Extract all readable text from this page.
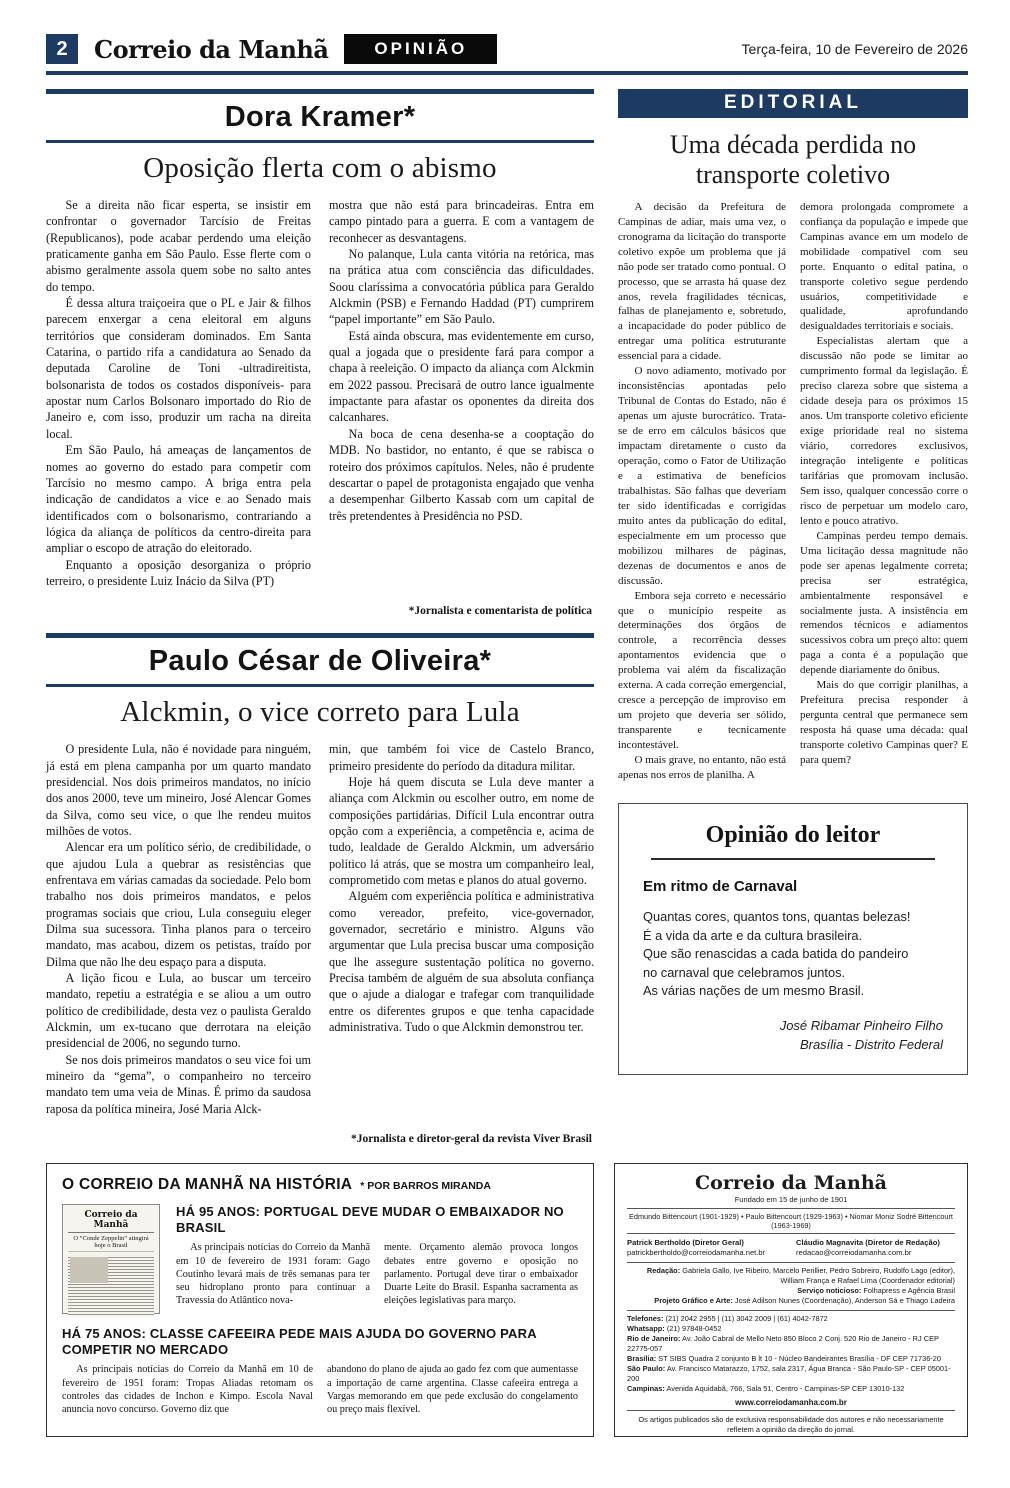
2	Correio da Manhã	OPINIÃO	Terça-feira, 10 de Fevereiro de 2026
Dora Kramer*
Oposição flerta com o abismo

Se a direita não ficar esperta, se insistir em confrontar o governador Tarcísio de Freitas (Republicanos), pode acabar perdendo uma eleição praticamente ganha em São Paulo. Esse flerte com o abismo geralmente assola quem sobe no salto antes do tempo.

É dessa altura traiçoeira que o PL e Jair & filhos parecem enxergar a cena eleitoral em alguns territórios que consideram dominados. Em Santa Catarina, o partido rifa a candidatura ao Senado da deputada Caroline de Toni -ultradireitista, bolsonarista de todos os costados disponíveis- para apostar num Carlos Bolsonaro importado do Rio de Janeiro e, com isso, produzir um racha na direita local.

Em São Paulo, há ameaças de lançamentos de nomes ao governo do estado para competir com Tarcísio no mesmo campo. A briga entra pela indicação de candidatos a vice e ao Senado mais identificados com o bolsonarismo, contrariando a lógica da aliança de políticos da centro-direita para ampliar o escopo de atração do eleitorado.

Enquanto a oposição desorganiza o próprio terreiro, o presidente Luiz Inácio da Silva (PT)

mostra que não está para brincadeiras. Entra em campo pintado para a guerra. E com a vantagem de reconhecer as desvantagens.

No palanque, Lula canta vitória na retórica, mas na prática atua com consciência das dificuldades. Soou claríssima a convocatória pública para Geraldo Alckmin (PSB) e Fernando Haddad (PT) cumprirem “papel importante” em São Paulo.

Está ainda obscura, mas evidentemente em curso, qual a jogada que o presidente fará para compor a chapa à reeleição. O impacto da aliança com Alckmin em 2022 passou. Precisará de outro lance igualmente impactante para afastar os oponentes da direita dos calcanhares.

Na boca de cena desenha-se a cooptação do MDB. No bastidor, no entanto, é que se rabisca o roteiro dos próximos capítulos. Neles, não é prudente descartar o papel de protagonista engajado que venha a desempenhar Gilberto Kassab com um capital de três pretendentes à Presidência no PSD.

*Jornalista e comentarista de política
Paulo César de Oliveira*
Alckmin, o vice correto para Lula

O presidente Lula, não é novidade para ninguém, já está em plena campanha por um quarto mandato presidencial. Nos dois primeiros mandatos, no início dos anos 2000, teve um mineiro, José Alencar Gomes da Silva, como seu vice, o que lhe rendeu muitos milhões de votos.

Alencar era um político sério, de credibilidade, o que ajudou Lula a quebrar as resistências que enfrentava em várias camadas da sociedade. Pelo bom trabalho nos dois primeiros mandatos, e pelos programas sociais que criou, Lula conseguiu eleger Dilma sua sucessora. Tinha planos para o terceiro mandato, mas acabou, dizem os petistas, traído por Dilma que não lhe deu espaço para a disputa.

A lição ficou e Lula, ao buscar um terceiro mandato, repetiu a estratégia e se aliou a um outro político de credibilidade, desta vez o paulista Geraldo Alckmin, um ex-tucano que derrotara na eleição presidencial de 2006, no segundo turno.

Se nos dois primeiros mandatos o seu vice foi um mineiro da “gema”, o companheiro no terceiro mandato tem uma veia de Minas. É primo da saudosa raposa da política mineira, José Maria Alck-

min, que também foi vice de Castelo Branco, primeiro presidente do período da ditadura militar.

Hoje há quem discuta se Lula deve manter a aliança com Alckmin ou escolher outro, em nome de composições partidárias. Difícil Lula encontrar outra opção com a experiência, a competência e, acima de tudo, lealdade de Geraldo Alckmin, um adversário político lá atrás, que se mostra um companheiro leal, comprometido com metas e planos do atual governo.

Alguém com experiência política e administrativa como vereador, prefeito, vice-governador, governador, secretário e ministro. Alguns vão argumentar que Lula precisa buscar uma composição que lhe assegure sustentação política no governo. Precisa também de alguém de sua absoluta confiança que o ajude a dialogar e trafegar com tranquilidade entre os diferentes grupos e que tenha capacidade administrativa. Tudo o que Alckmin demonstrou ter.

*Jornalista e diretor-geral da revista Viver Brasil
EDITORIAL
Uma década perdida no transporte coletivo

A decisão da Prefeitura de Campinas de adiar, mais uma vez, o cronograma da licitação do transporte coletivo expõe um problema que já não pode ser tratado como pontual. O processo, que se arrasta há quase dez anos, revela fragilidades técnicas, falhas de planejamento e, sobretudo, a incapacidade do poder público de entregar uma política estruturante essencial para a cidade.

O novo adiamento, motivado por inconsistências apontadas pelo Tribunal de Contas do Estado, não é apenas um ajuste burocrático. Trata-se de erro em cálculos básicos que impactam diretamente o custo da operação, como o Fator de Utilização e a estimativa de benefícios trabalhistas. São falhas que deveriam ter sido identificadas e corrigidas muito antes da publicação do edital, especialmente em um processo que mobilizou milhares de páginas, dezenas de documentos e anos de discussão.

Embora seja correto e necessário que o município respeite as determinações dos órgãos de controle, a recorrência desses apontamentos evidencia que o problema vai além da fiscalização externa. A cada correção emergencial, cresce a percepção de improviso em um projeto que deveria ser sólido, transparente e tecnicamente incontestável.

O mais grave, no entanto, não está apenas nos erros de planilha. A

demora prolongada compromete a confiança da população e impede que Campinas avance em um modelo de mobilidade compatível com seu porte. Enquanto o edital patina, o transporte coletivo segue perdendo usuários, competitividade e qualidade, aprofundando desigualdades territoriais e sociais.

Especialistas alertam que a discussão não pode se limitar ao cumprimento formal da legislação. É preciso clareza sobre que sistema a cidade deseja para os próximos 15 anos. Um transporte coletivo eficiente exige prioridade real no sistema viário, corredores exclusivos, integração inteligente e políticas tarifárias que promovam inclusão. Sem isso, qualquer concessão corre o risco de perpetuar um modelo caro, lento e pouco atrativo.

Campinas perdeu tempo demais. Uma licitação dessa magnitude não pode ser apenas legalmente correta; precisa ser estratégica, ambientalmente responsável e socialmente justa. A insistência em remendos técnicos e adiamentos sucessivos cobra um preço alto: quem paga a conta é a população que depende diariamente do ônibus.

Mais do que corrigir planilhas, a Prefeitura precisa responder à pergunta central que permanece sem resposta há quase uma década: qual transporte coletivo Campinas quer? E para quem?

Opinião do leitor
Em ritmo de Carnaval

Quantas cores, quantos tons, quantas belezas!

É a vida da arte e da cultura brasileira.

Que são renascidas a cada batida do pandeiro

no carnaval que celebramos juntos.

As várias nações de um mesmo Brasil.

José Ribamar Pinheiro Filho
Brasília - Distrito Federal
O CORREIO DA MANHÃ NA HISTÓRIA * POR BARROS MIRANDA
Correio da Manhã
O “Conde Zeppelin” atingirá hoje o Brasil
HÁ 95 ANOS: PORTUGAL DEVE MUDAR O EMBAIXADOR NO BRASIL

As principais notícias do Correio da Manhã em 10 de fevereiro de 1931 foram: Gago Coutinho levará mais de três semanas para ter seu hidroplano pronto para continuar a Travessia do Atlântico nova-

mente. Orçamento alemão provoca longos debates entre governo e oposição no parlamento. Portugal deve tirar o embaixador Duarte Leite do Brasil. Espanha sacramenta as eleições legislativas para março.

HÁ 75 ANOS: CLASSE CAFEEIRA PEDE MAIS AJUDA DO GOVERNO PARA COMPETIR NO MERCADO

As principais notícias do Correio da Manhã em 10 de fevereiro de 1951 foram: Tropas Aliadas retomam os controles das cidades de Inchon e Kimpo. Escola Naval anuncia novo concurso. Governo diz que

abandono do plano de ajuda ao gado fez com que aumentasse a importação de carne argentina. Classe cafeeira entrega a Vargas memorando em que pede exclusão do congelamento ou preço mais flexível.

Correio da Manhã
Fundado em 15 de junho de 1901
Edmundo Bittencourt (1901-1929) • Paulo Bittencourt (1929-1963) • Niomar Moniz Sodré Bittencourt (1963-1969)
Patrick Bertholdo (Diretor Geral)
patrickbertholdo@correiodamanha.net.br
Cláudio Magnavita (Diretor de Redação)
redacao@correiodamanha.com.br
Redação: Gabriela Gallo, Ive Ribeiro, Marcelo Perillier, Pedro Sobreiro, Rudolfo Lago (editor), William França e Rafael Lima (Coordenador editorial)
Serviço noticioso: Folhapress e Agência Brasil
Projeto Gráfico e Arte: José Adilson Nunes (Coordenação), Anderson Sá e Thiago Ladeira
Telefones: (21) 2042 2955 | (11) 3042 2009 | (61) 4042-7872
Whatsapp: (21) 97848-0452
Rio de Janeiro: Av. João Cabral de Mello Neto 850 Bloco 2 Conj. 520 Rio de Janeiro - RJ CEP 22775-057
Brasília: ST SIBS Quadra 2 conjunto B lt 10 - Núcleo Bandeirantes Brasília - DF CEP 71736-20
São Paulo: Av. Francisco Matarazzo, 1752, sala 2317, Água Branca - São Paulo-SP - CEP 05001-200
Campinas: Avenida Aquidabã, 766, Sala 51, Centro - Campinas-SP CEP 13010-132
www.correiodamanha.com.br
Os artigos publicados são de exclusiva responsabilidade dos autores e não necessariamente refletem a opinião da direção do jornal.
